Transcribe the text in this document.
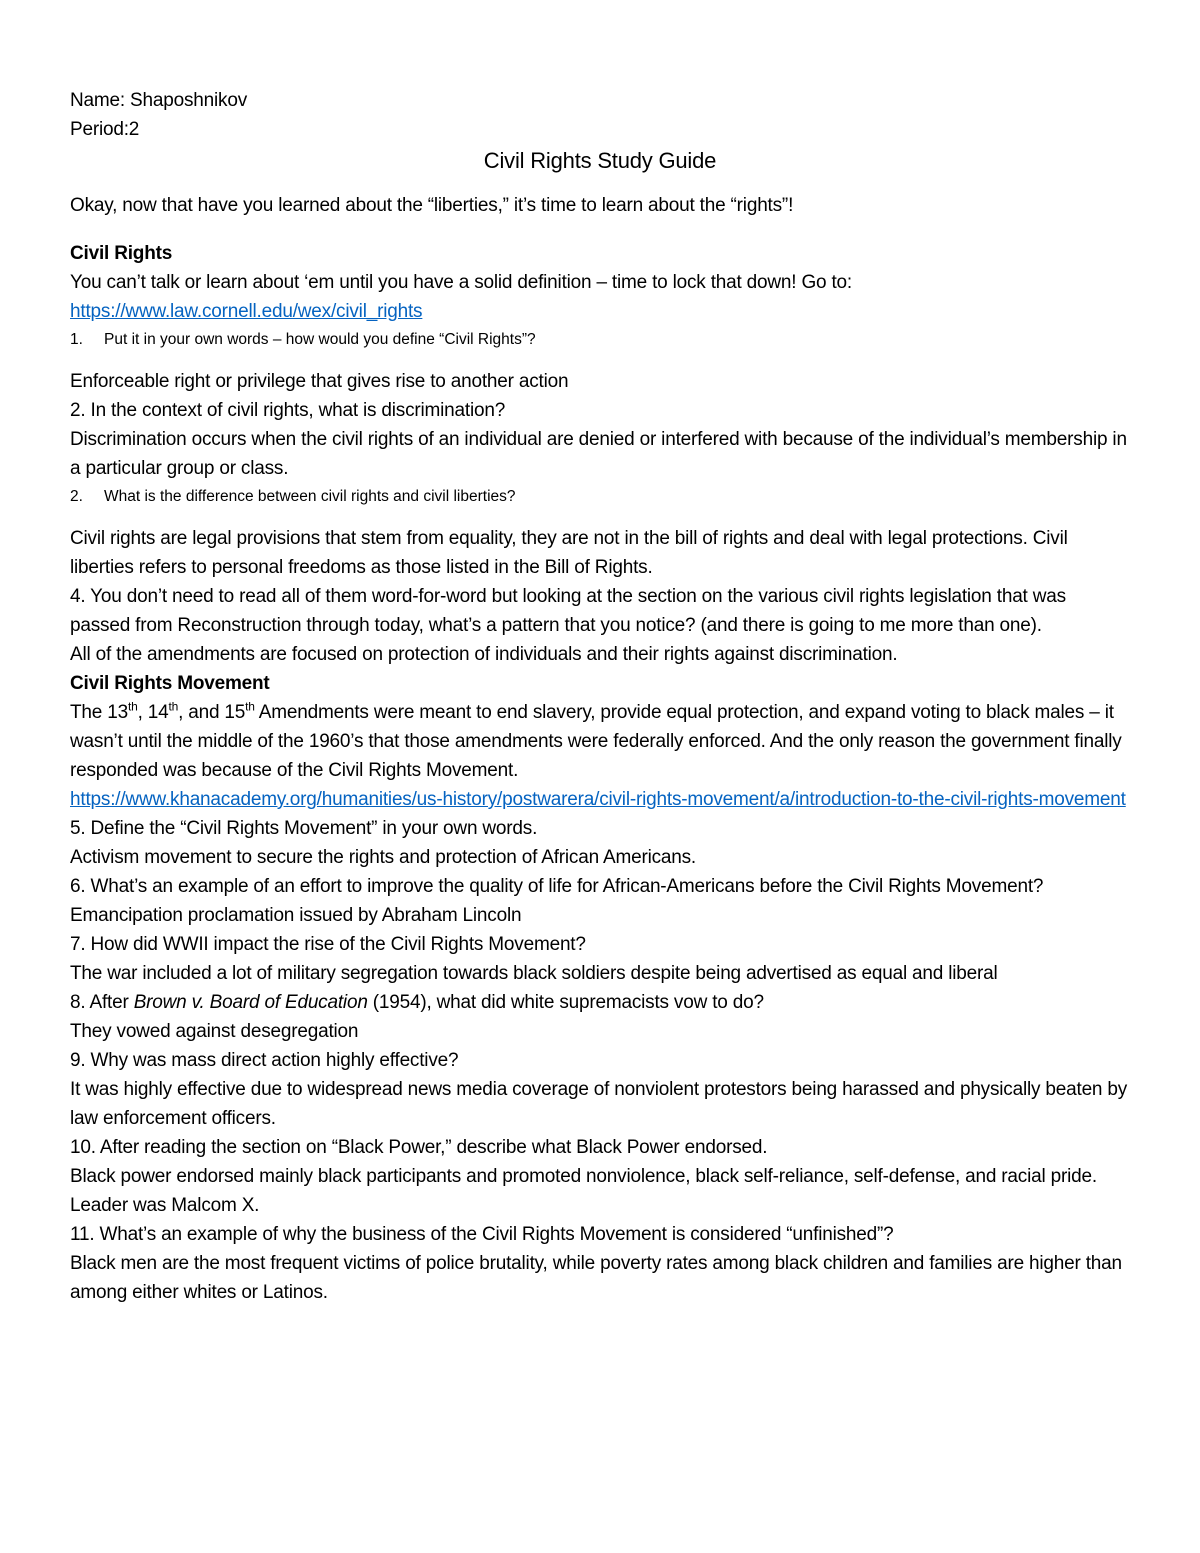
Name: Shaposhnikov
Period:2
Civil Rights Study Guide
Okay, now that have you learned about the “liberties,” it’s time to learn about the “rights”!
Civil Rights
You can’t talk or learn about ‘em until you have a solid definition – time to lock that down! Go to:
https://www.law.cornell.edu/wex/civil_rights
1. Put it in your own words – how would you define “Civil Rights”?
Enforceable right or privilege that gives rise to another action
2. In the context of civil rights, what is discrimination?
Discrimination occurs when the civil rights of an individual are denied or interfered with because of the individual’s membership in a particular group or class.
2. What is the difference between civil rights and civil liberties?
Civil rights are legal provisions that stem from equality, they are not in the bill of rights and deal with legal protections. Civil liberties refers to personal freedoms as those listed in the Bill of Rights.
4. You don’t need to read all of them word-for-word but looking at the section on the various civil rights legislation that was passed from Reconstruction through today, what’s a pattern that you notice? (and there is going to me more than one).
All of the amendments are focused on protection of individuals and their rights against discrimination.
Civil Rights Movement
The 13th, 14th, and 15th Amendments were meant to end slavery, provide equal protection, and expand voting to black males – it wasn’t until the middle of the 1960’s that those amendments were federally enforced. And the only reason the government finally responded was because of the Civil Rights Movement.
https://www.khanacademy.org/humanities/us-history/postwarera/civil-rights-movement/a/introduction-to-the-civil-rights-movement
5. Define the “Civil Rights Movement” in your own words.
Activism movement to secure the rights and protection of African Americans.
6. What’s an example of an effort to improve the quality of life for African-Americans before the Civil Rights Movement?
Emancipation proclamation issued by Abraham Lincoln
7. How did WWII impact the rise of the Civil Rights Movement?
The war included a lot of military segregation towards black soldiers despite being advertised as equal and liberal
8. After Brown v. Board of Education (1954), what did white supremacists vow to do?
They vowed against desegregation
9. Why was mass direct action highly effective?
It was highly effective due to widespread news media coverage of nonviolent protestors being harassed and physically beaten by law enforcement officers.
10. After reading the section on “Black Power,” describe what Black Power endorsed.
Black power endorsed mainly black participants and promoted nonviolence, black self-reliance, self-defense, and racial pride. Leader was Malcom X.
11. What’s an example of why the business of the Civil Rights Movement is considered “unfinished”?
Black men are the most frequent victims of police brutality, while poverty rates among black children and families are higher than among either whites or Latinos.
